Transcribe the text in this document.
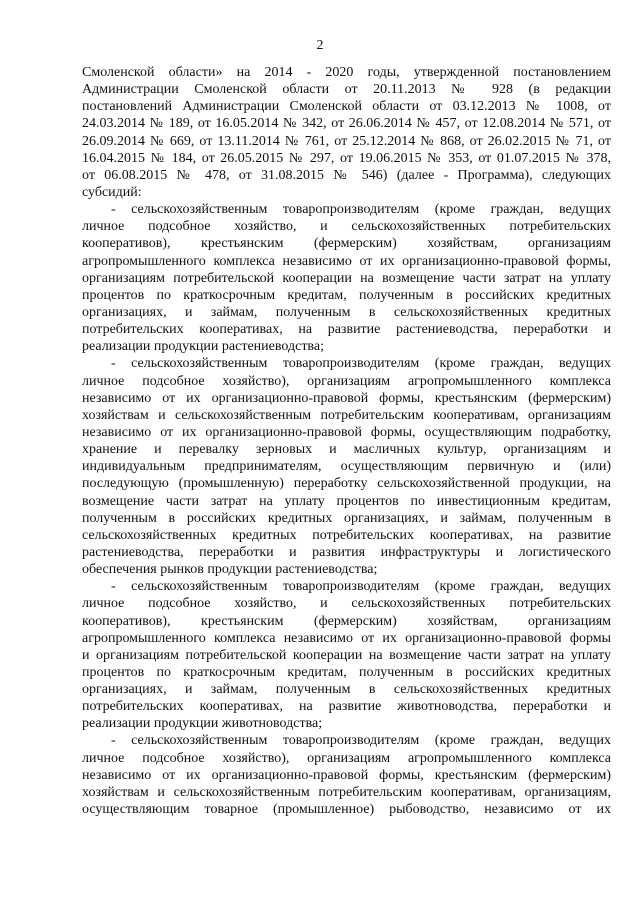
2
Смоленской области» на 2014 - 2020 годы, утвержденной постановлением
Администрации Смоленской области от 20.11.2013 № 928 (в редакции
постановлений Администрации Смоленской области от 03.12.2013 № 1008, от
24.03.2014 № 189, от 16.05.2014 № 342, от 26.06.2014 № 457, от 12.08.2014 № 571, от
26.09.2014 № 669, от 13.11.2014 № 761, от 25.12.2014 № 868, от 26.02.2015 № 71, от
16.04.2015 № 184, от 26.05.2015 № 297, от 19.06.2015 № 353, от 01.07.2015 № 378,
от 06.08.2015 № 478, от 31.08.2015 № 546) (далее - Программа), следующих
субсидий:
- сельскохозяйственным товаропроизводителям (кроме граждан, ведущих
личное подсобное хозяйство, и сельскохозяйственных потребительских
кооперативов), крестьянским (фермерским) хозяйствам, организациям
агропромышленного комплекса независимо от их организационно-правовой формы,
организациям потребительской кооперации на возмещение части затрат на уплату
процентов по краткосрочным кредитам, полученным в российских кредитных
организациях, и займам, полученным в сельскохозяйственных кредитных
потребительских кооперативах, на развитие растениеводства, переработки и
реализации продукции растениеводства;
- сельскохозяйственным товаропроизводителям (кроме граждан, ведущих
личное подсобное хозяйство), организациям агропромышленного комплекса
независимо от их организационно-правовой формы, крестьянским (фермерским)
хозяйствам и сельскохозяйственным потребительским кооперативам, организациям
независимо от их организационно-правовой формы, осуществляющим подработку,
хранение и перевалку зерновых и масличных культур, организациям и
индивидуальным предпринимателям, осуществляющим первичную и (или)
последующую (промышленную) переработку сельскохозяйственной продукции, на
возмещение части затрат на уплату процентов по инвестиционным кредитам,
полученным в российских кредитных организациях, и займам, полученным в
сельскохозяйственных кредитных потребительских кооперативах, на развитие
растениеводства, переработки и развития инфраструктуры и логистического
обеспечения рынков продукции растениеводства;
- сельскохозяйственным товаропроизводителям (кроме граждан, ведущих
личное подсобное хозяйство, и сельскохозяйственных потребительских
кооперативов), крестьянским (фермерским) хозяйствам, организациям
агропромышленного комплекса независимо от их организационно-правовой формы
и организациям потребительской кооперации на возмещение части затрат на уплату
процентов по краткосрочным кредитам, полученным в российских кредитных
организациях, и займам, полученным в сельскохозяйственных кредитных
потребительских кооперативах, на развитие животноводства, переработки и
реализации продукции животноводства;
- сельскохозяйственным товаропроизводителям (кроме граждан, ведущих
личное подсобное хозяйство), организациям агропромышленного комплекса
независимо от их организационно-правовой формы, крестьянским (фермерским)
хозяйствам и сельскохозяйственным потребительским кооперативам, организациям,
осуществляющим товарное (промышленное) рыбоводство, независимо от их
